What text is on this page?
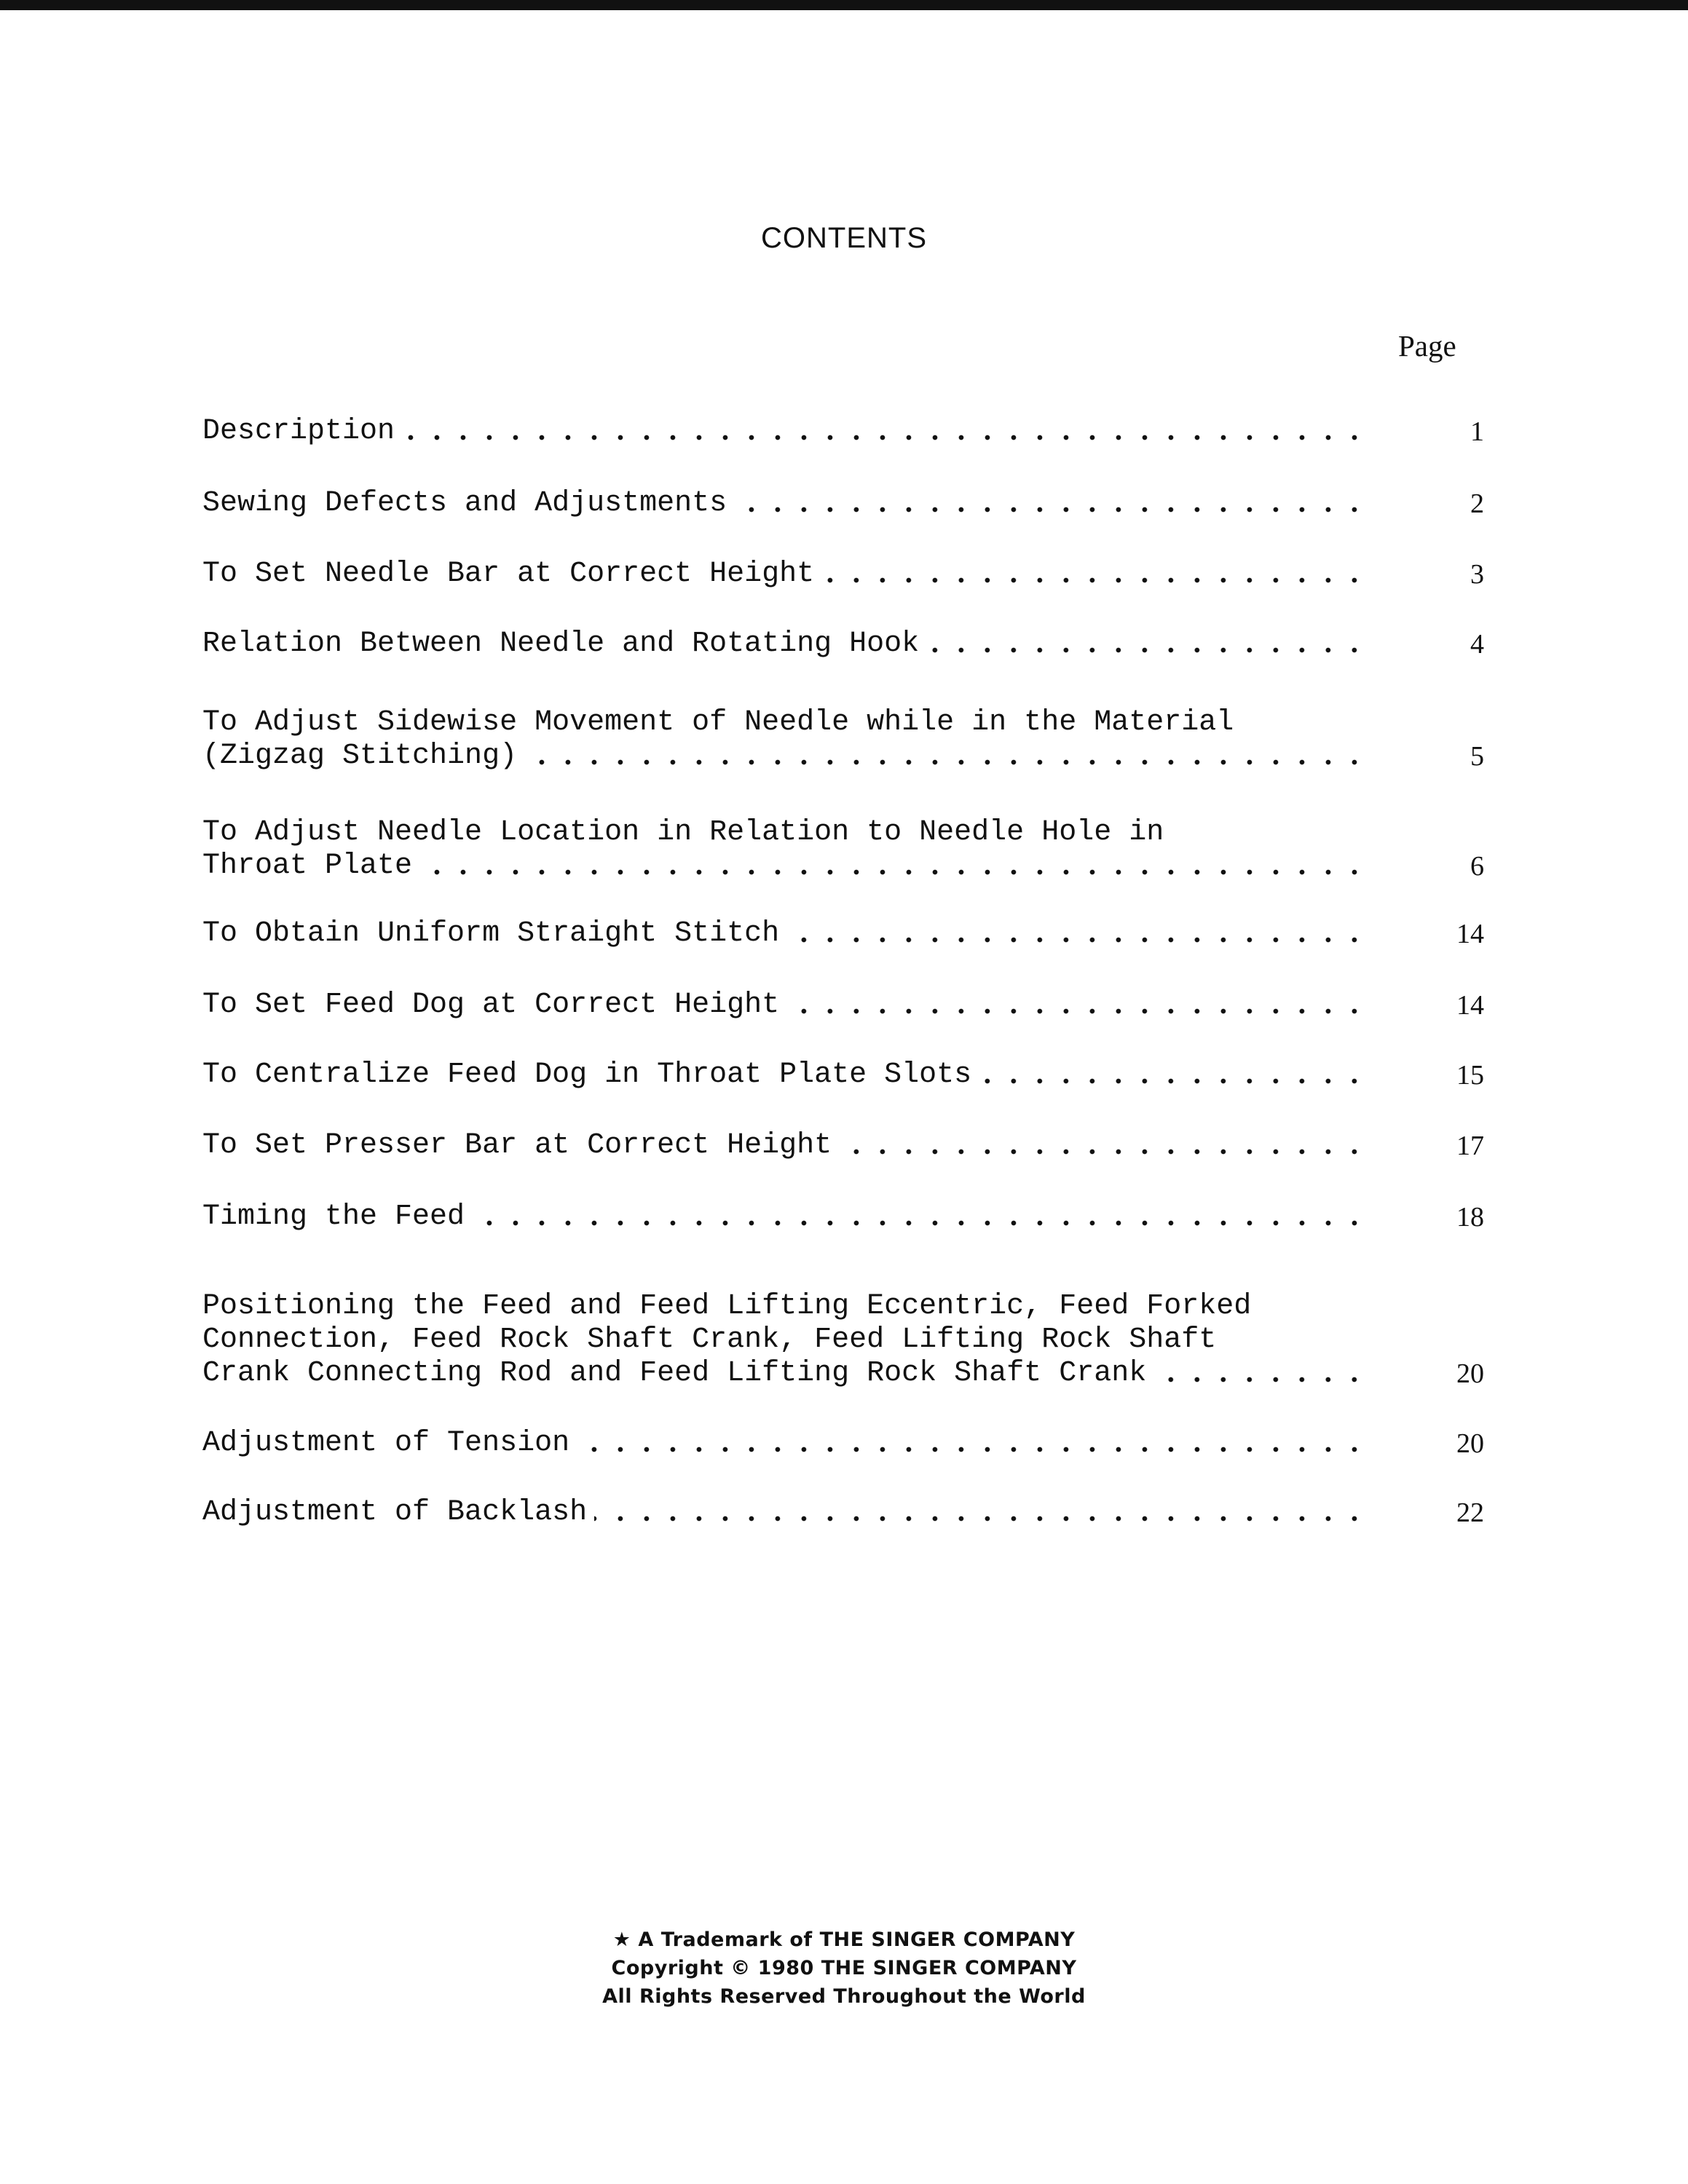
CONTENTS
Page
Description	1
Sewing Defects and Adjustments	2
To Set Needle Bar at Correct Height	3
Relation Between Needle and Rotating Hook	4
To Adjust Sidewise Movement of Needle while in the Material
(Zigzag Stitching)	5
To Adjust Needle Location in Relation to Needle Hole in
Throat Plate	6
To Obtain Uniform Straight Stitch	14
To Set Feed Dog at Correct Height	14
To Centralize Feed Dog in Throat Plate Slots	15
To Set Presser Bar at Correct Height	17
Timing the Feed	18
Positioning the Feed and Feed Lifting Eccentric, Feed Forked
Connection, Feed Rock Shaft Crank, Feed Lifting Rock Shaft
Crank Connecting Rod and Feed Lifting Rock Shaft Crank	20
Adjustment of Tension	20
Adjustment of Backlash	22
★ A Trademark of THE SINGER COMPANY
Copyright © 1980 THE SINGER COMPANY
All Rights Reserved Throughout the World
